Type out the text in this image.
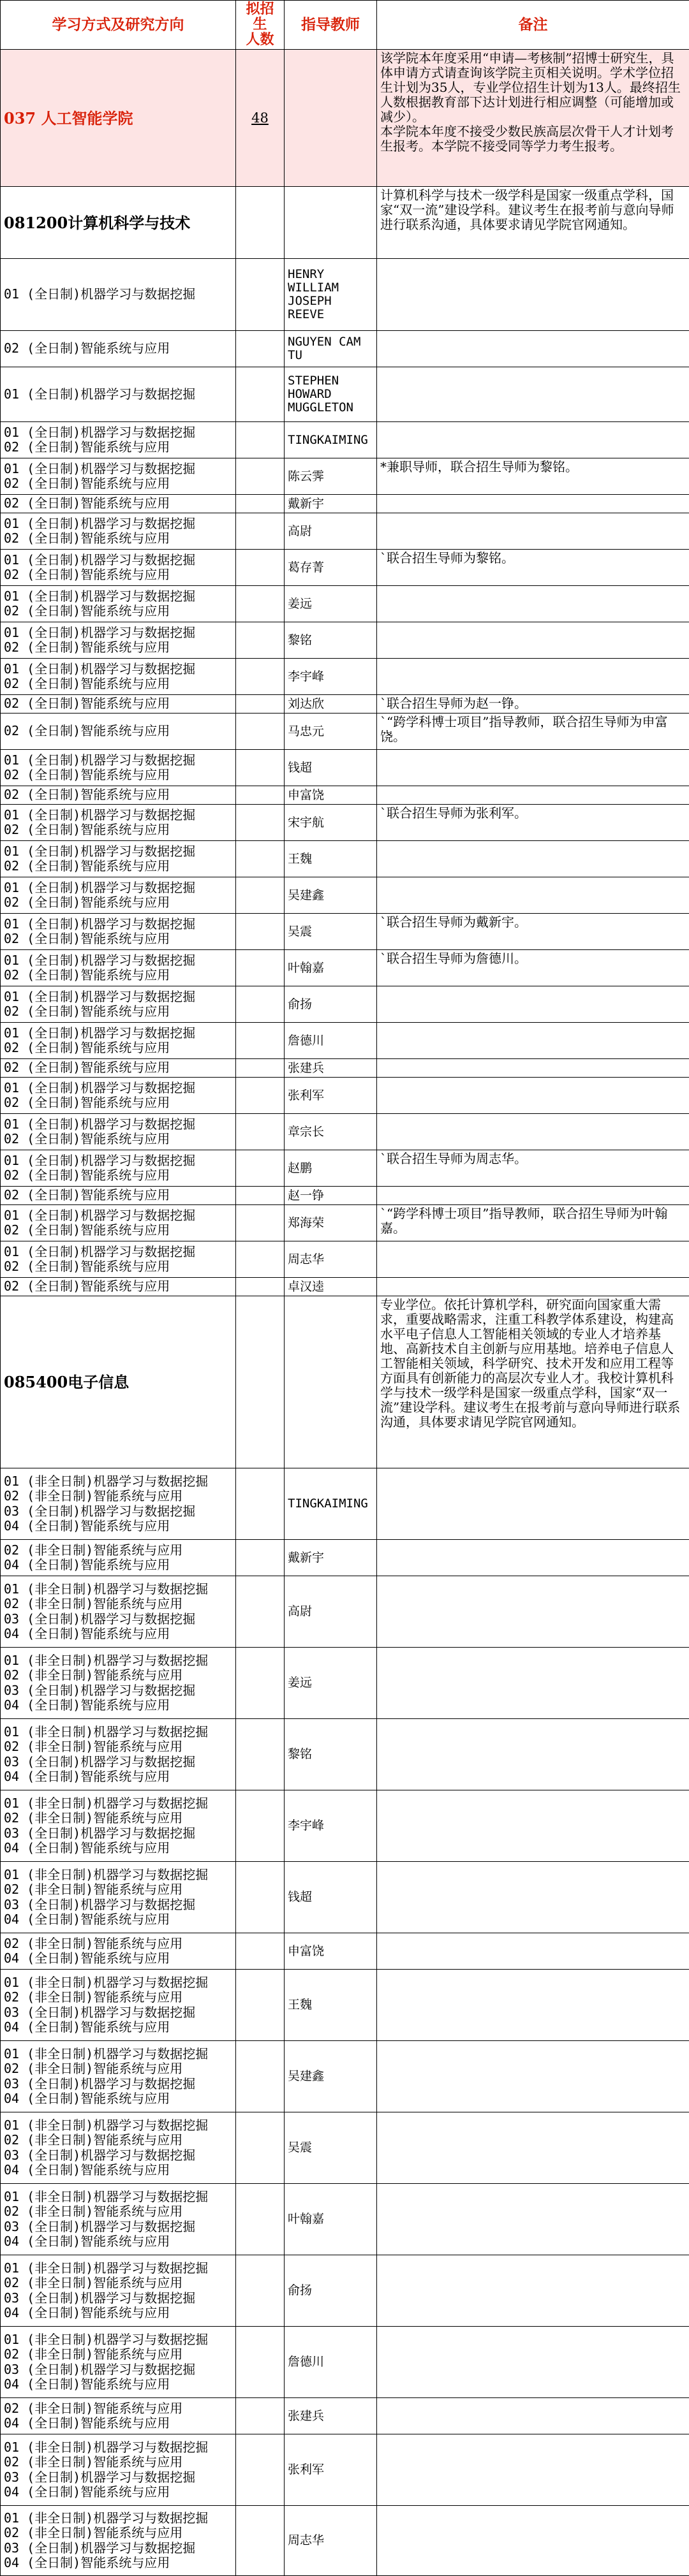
学习方式及研究方向	拟招生
人数	指导教师	备注
037 人工智能学院	48		该学院本年度采用“申请—考核制”招博士研究生，具体申请方式请查询该学院主页相关说明。学术学位招生计划为35人，专业学位招生计划为13人。最终招生人数根据教育部下达计划进行相应调整（可能增加或减少）。
本学院本年度不接受少数民族高层次骨干人才计划考生报考。本学院不接受同等学力考生报考。
081200计算机科学与技术			计算机科学与技术一级学科是国家一级重点学科，国家“双一流”建设学科。建议考生在报考前与意向导师进行联系沟通，具体要求请见学院官网通知。
01 (全日制)机器学习与数据挖掘		HENRY WILLIAM JOSEPH REEVE	
02 (全日制)智能系统与应用		NGUYEN CAM TU	
01 (全日制)机器学习与数据挖掘		STEPHEN HOWARD MUGGLETON	
01 (全日制)机器学习与数据挖掘
02 (全日制)智能系统与应用		TINGKAIMING	
01 (全日制)机器学习与数据挖掘
02 (全日制)智能系统与应用		陈云霁	*兼职导师，联合招生导师为黎铭。
02 (全日制)智能系统与应用		戴新宇	
01 (全日制)机器学习与数据挖掘
02 (全日制)智能系统与应用		高尉	
01 (全日制)机器学习与数据挖掘
02 (全日制)智能系统与应用		葛存菁	`联合招生导师为黎铭。
01 (全日制)机器学习与数据挖掘
02 (全日制)智能系统与应用		姜远	
01 (全日制)机器学习与数据挖掘
02 (全日制)智能系统与应用		黎铭	
01 (全日制)机器学习与数据挖掘
02 (全日制)智能系统与应用		李宇峰	
02 (全日制)智能系统与应用		刘达欣	`联合招生导师为赵一铮。
02 (全日制)智能系统与应用		马忠元	`“跨学科博士项目”指导教师，联合招生导师为申富饶。
01 (全日制)机器学习与数据挖掘
02 (全日制)智能系统与应用		钱超	
02 (全日制)智能系统与应用		申富饶	
01 (全日制)机器学习与数据挖掘
02 (全日制)智能系统与应用		宋宇航	`联合招生导师为张利军。
01 (全日制)机器学习与数据挖掘
02 (全日制)智能系统与应用		王魏	
01 (全日制)机器学习与数据挖掘
02 (全日制)智能系统与应用		吴建鑫	
01 (全日制)机器学习与数据挖掘
02 (全日制)智能系统与应用		吴震	`联合招生导师为戴新宇。
01 (全日制)机器学习与数据挖掘
02 (全日制)智能系统与应用		叶翰嘉	`联合招生导师为詹德川。
01 (全日制)机器学习与数据挖掘
02 (全日制)智能系统与应用		俞扬	
01 (全日制)机器学习与数据挖掘
02 (全日制)智能系统与应用		詹德川	
02 (全日制)智能系统与应用		张建兵	
01 (全日制)机器学习与数据挖掘
02 (全日制)智能系统与应用		张利军	
01 (全日制)机器学习与数据挖掘
02 (全日制)智能系统与应用		章宗长	
01 (全日制)机器学习与数据挖掘
02 (全日制)智能系统与应用		赵鹏	`联合招生导师为周志华。
02 (全日制)智能系统与应用		赵一铮	
01 (全日制)机器学习与数据挖掘
02 (全日制)智能系统与应用		郑海荣	`“跨学科博士项目”指导教师，联合招生导师为叶翰嘉。
01 (全日制)机器学习与数据挖掘
02 (全日制)智能系统与应用		周志华	
02 (全日制)智能系统与应用		卓汉逵	
085400电子信息			专业学位。依托计算机学科，研究面向国家重大需求，重要战略需求，注重工科教学体系建设，构建高水平电子信息人工智能相关领域的专业人才培养基地、高新技术自主创新与应用基地。培养电子信息人工智能相关领域，科学研究、技术开发和应用工程等方面具有创新能力的高层次专业人才。我校计算机科学与技术一级学科是国家一级重点学科，国家“双一流”建设学科。建议考生在报考前与意向导师进行联系沟通，具体要求请见学院官网通知。
01 (非全日制)机器学习与数据挖掘
02 (非全日制)智能系统与应用
03 (全日制)机器学习与数据挖掘
04 (全日制)智能系统与应用		TINGKAIMING	
02 (非全日制)智能系统与应用
04 (全日制)智能系统与应用		戴新宇	
01 (非全日制)机器学习与数据挖掘
02 (非全日制)智能系统与应用
03 (全日制)机器学习与数据挖掘
04 (全日制)智能系统与应用		高尉	
01 (非全日制)机器学习与数据挖掘
02 (非全日制)智能系统与应用
03 (全日制)机器学习与数据挖掘
04 (全日制)智能系统与应用		姜远	
01 (非全日制)机器学习与数据挖掘
02 (非全日制)智能系统与应用
03 (全日制)机器学习与数据挖掘
04 (全日制)智能系统与应用		黎铭	
01 (非全日制)机器学习与数据挖掘
02 (非全日制)智能系统与应用
03 (全日制)机器学习与数据挖掘
04 (全日制)智能系统与应用		李宇峰	
01 (非全日制)机器学习与数据挖掘
02 (非全日制)智能系统与应用
03 (全日制)机器学习与数据挖掘
04 (全日制)智能系统与应用		钱超	
02 (非全日制)智能系统与应用
04 (全日制)智能系统与应用		申富饶	
01 (非全日制)机器学习与数据挖掘
02 (非全日制)智能系统与应用
03 (全日制)机器学习与数据挖掘
04 (全日制)智能系统与应用		王魏	
01 (非全日制)机器学习与数据挖掘
02 (非全日制)智能系统与应用
03 (全日制)机器学习与数据挖掘
04 (全日制)智能系统与应用		吴建鑫	
01 (非全日制)机器学习与数据挖掘
02 (非全日制)智能系统与应用
03 (全日制)机器学习与数据挖掘
04 (全日制)智能系统与应用		吴震	
01 (非全日制)机器学习与数据挖掘
02 (非全日制)智能系统与应用
03 (全日制)机器学习与数据挖掘
04 (全日制)智能系统与应用		叶翰嘉	
01 (非全日制)机器学习与数据挖掘
02 (非全日制)智能系统与应用
03 (全日制)机器学习与数据挖掘
04 (全日制)智能系统与应用		俞扬	
01 (非全日制)机器学习与数据挖掘
02 (非全日制)智能系统与应用
03 (全日制)机器学习与数据挖掘
04 (全日制)智能系统与应用		詹德川	
02 (非全日制)智能系统与应用
04 (全日制)智能系统与应用		张建兵	
01 (非全日制)机器学习与数据挖掘
02 (非全日制)智能系统与应用
03 (全日制)机器学习与数据挖掘
04 (全日制)智能系统与应用		张利军	
01 (非全日制)机器学习与数据挖掘
02 (非全日制)智能系统与应用
03 (全日制)机器学习与数据挖掘
04 (全日制)智能系统与应用		周志华	
